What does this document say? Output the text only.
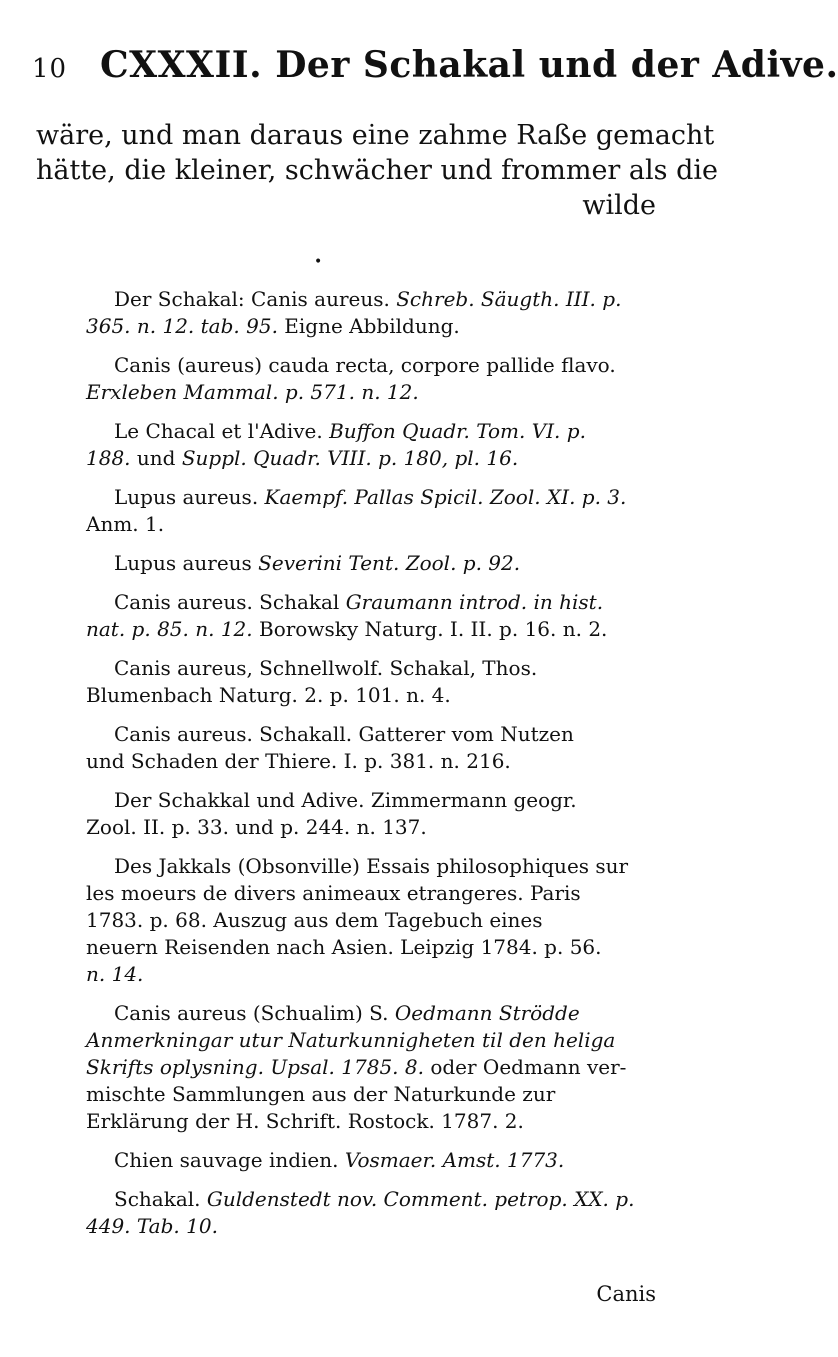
10 CXXXII. Der Schakal und der Adive.
wäre, und man daraus eine zahme Raße gemacht
hätte, die kleiner, schwächer und frommer als die
wilde
•
Der Schakal: Canis aureus. Schreb. Säugth. III. p.
365. n. 12. tab. 95. Eigne Abbildung.
Canis (aureus) cauda recta, corpore pallide flavo.
Erxleben Mammal. p. 571. n. 12.
Le Chacal et l'Adive. Buffon Quadr. Tom. VI. p.
188. und Suppl. Quadr. VIII. p. 180, pl. 16.
Lupus aureus. Kaempf. Pallas Spicil. Zool. XI. p. 3.
Anm. 1.
Lupus aureus Severini Tent. Zool. p. 92.
Canis aureus. Schakal Graumann introd. in hist.
nat. p. 85. n. 12. Borowsky Naturg. I. II. p. 16. n. 2.
Canis aureus, Schnellwolf. Schakal, Thos.
Blumenbach Naturg. 2. p. 101. n. 4.
Canis aureus. Schakall. Gatterer vom Nutzen
und Schaden der Thiere. I. p. 381. n. 216.
Der Schakkal und Adive. Zimmermann geogr.
Zool. II. p. 33. und p. 244. n. 137.
Des Jakkals (Obsonville) Essais philosophiques sur
les moeurs de divers animeaux etrangeres. Paris
1783. p. 68. Auszug aus dem Tagebuch eines
neuern Reisenden nach Asien. Leipzig 1784. p. 56.
n. 14.
Canis aureus (Schualim) S. Oedmann Strödde
Anmerkningar utur Naturkunnigheten til den heliga
Skrifts oplysning. Upsal. 1785. 8. oder Oedmann ver-
mischte Sammlungen aus der Naturkunde zur
Erklärung der H. Schrift. Rostock. 1787. 2.
Chien sauvage indien. Vosmaer. Amst. 1773.
Schakal. Guldenstedt nov. Comment. petrop. XX. p.
449. Tab. 10.
Canis
